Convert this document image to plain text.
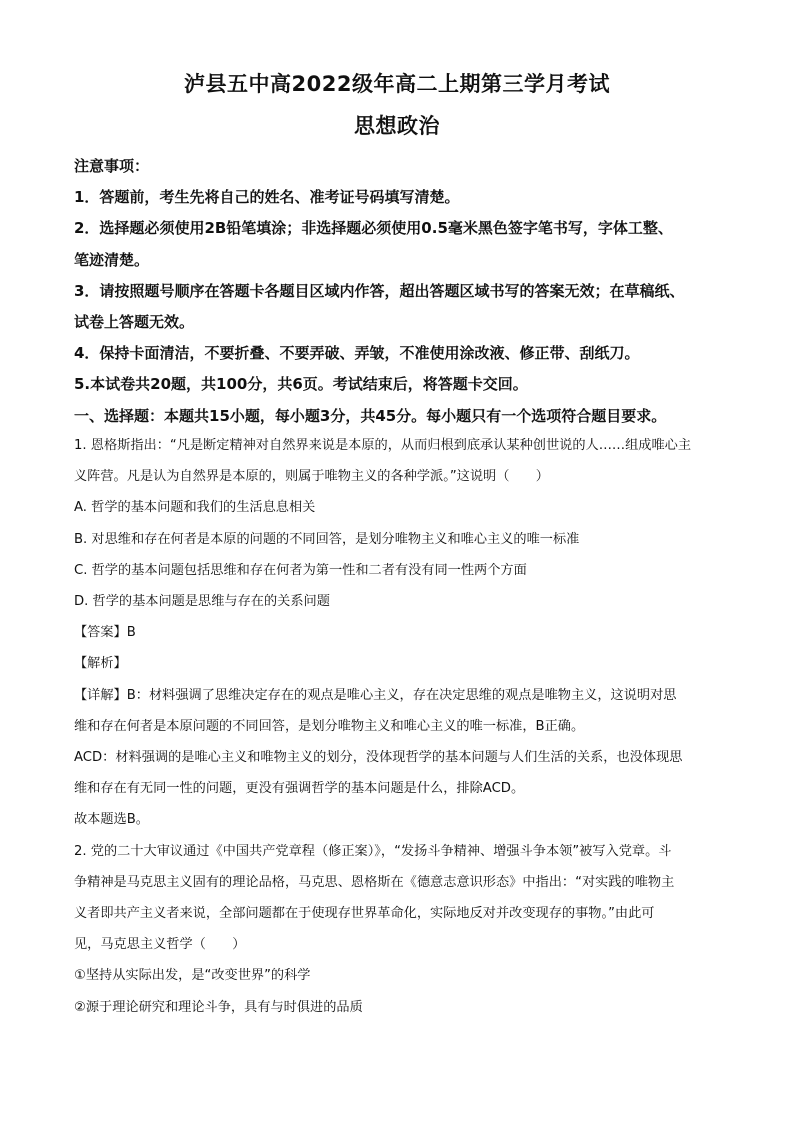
泸县五中高2022级年高二上期第三学月考试
思想政治
注意事项：
1．答题前，考生先将自己的姓名、准考证号码填写清楚。
2．选择题必须使用2B铅笔填涂；非选择题必须使用0.5毫米黑色签字笔书写，字体工整、
笔迹清楚。
3．请按照题号顺序在答题卡各题目区域内作答，超出答题区域书写的答案无效；在草稿纸、
试卷上答题无效。
4．保持卡面清洁，不要折叠、不要弄破、弄皱，不准使用涂改液、修正带、刮纸刀。
5.本试卷共20题，共100分，共6页。考试结束后，将答题卡交回。
一、选择题：本题共15小题，每小题3分，共45分。每小题只有一个选项符合题目要求。
1. 恩格斯指出：“凡是断定精神对自然界来说是本原的，从而归根到底承认某种创世说的人……组成唯心主
义阵营。凡是认为自然界是本原的，则属于唯物主义的各种学派。”这说明（　　）
A. 哲学的基本问题和我们的生活息息相关
B. 对思维和存在何者是本原的问题的不同回答，是划分唯物主义和唯心主义的唯一标准
C. 哲学的基本问题包括思维和存在何者为第一性和二者有没有同一性两个方面
D. 哲学的基本问题是思维与存在的关系问题
【答案】B
【解析】
【详解】B：材料强调了思维决定存在的观点是唯心主义，存在决定思维的观点是唯物主义，这说明对思
维和存在何者是本原问题的不同回答，是划分唯物主义和唯心主义的唯一标准，B正确。
ACD：材料强调的是唯心主义和唯物主义的划分，没体现哲学的基本问题与人们生活的关系，也没体现思
维和存在有无同一性的问题，更没有强调哲学的基本问题是什么，排除ACD。
故本题选B。
2. 党的二十大审议通过《中国共产党章程（修正案）》，“发扬斗争精神、增强斗争本领”被写入党章。斗
争精神是马克思主义固有的理论品格，马克思、恩格斯在《德意志意识形态》中指出：“对实践的唯物主
义者即共产主义者来说，全部问题都在于使现存世界革命化，实际地反对并改变现存的事物。”由此可
见，马克思主义哲学（　　）
①坚持从实际出发，是“改变世界”的科学
②源于理论研究和理论斗争，具有与时俱进的品质
